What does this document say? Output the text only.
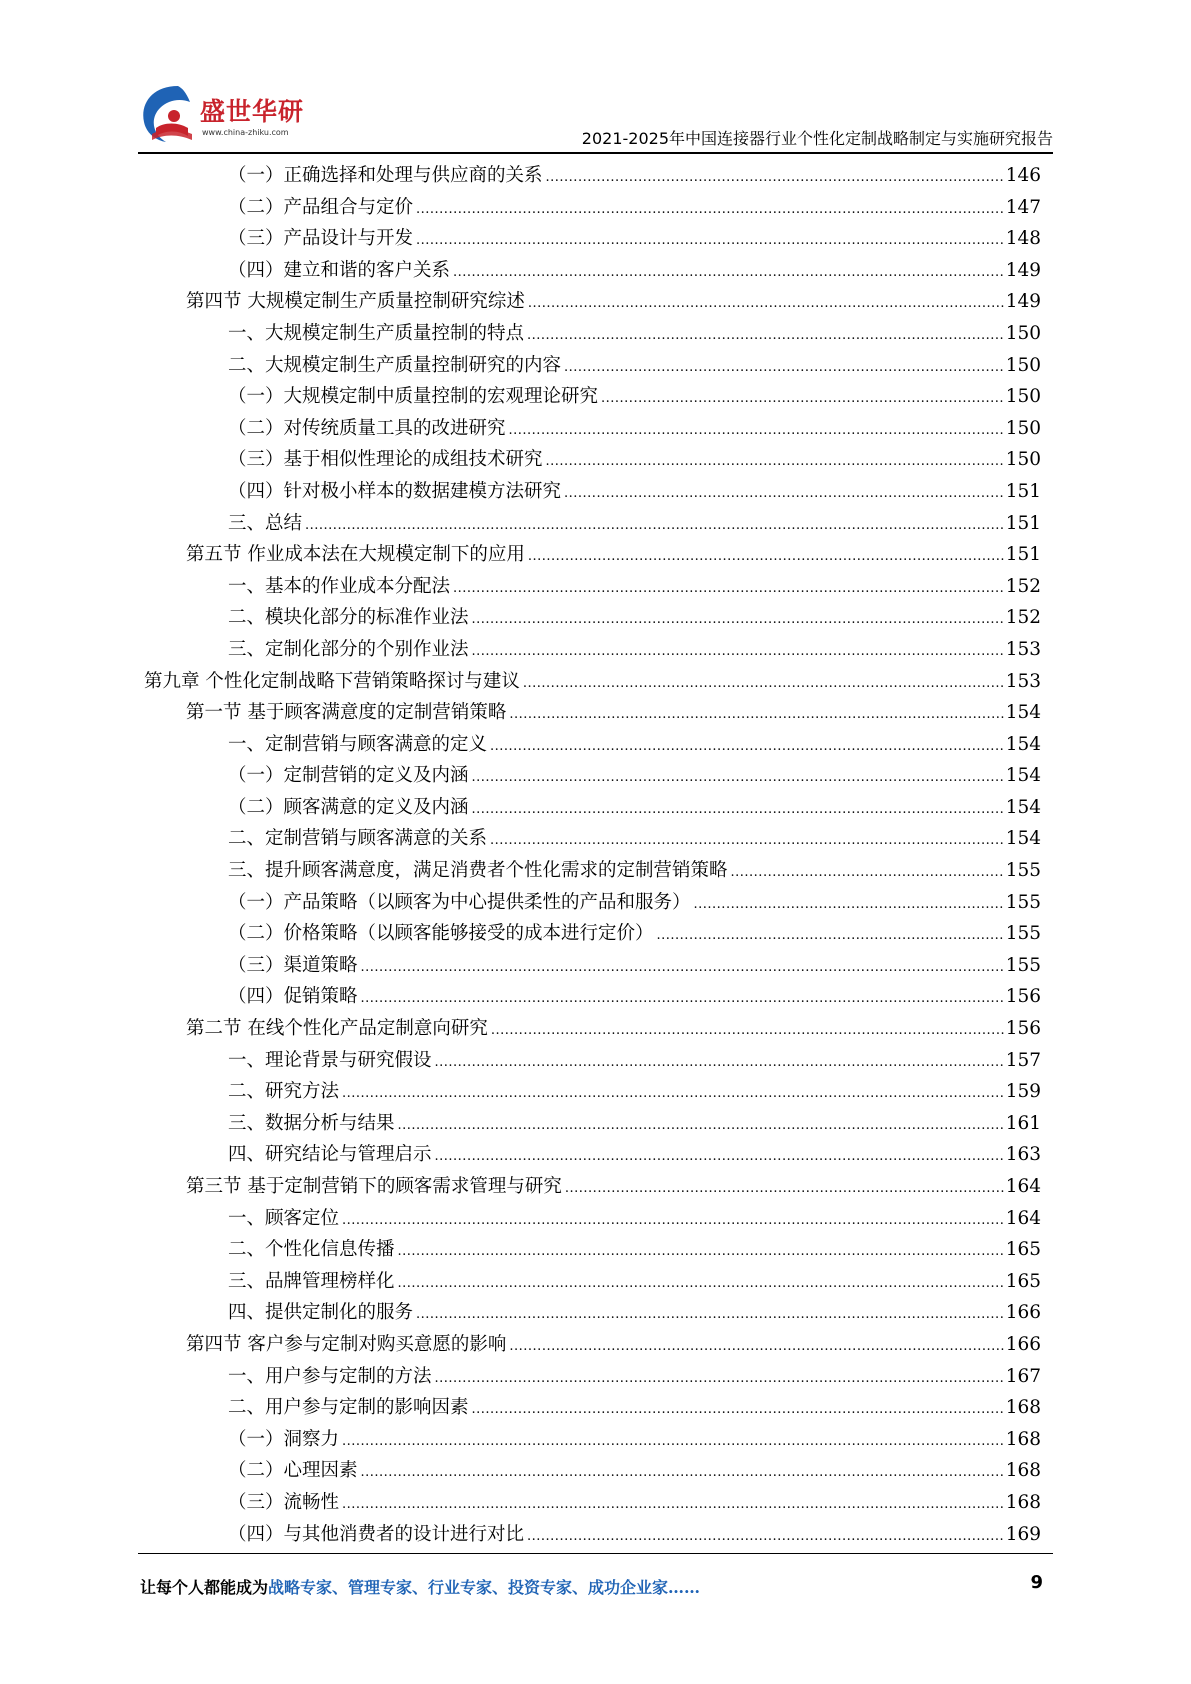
盛世华研
www.china-zhiku.com	2021-2025年中国连接器行业个性化定制战略制定与实施研究报告
（一）正确选择和处理与供应商的关系 .....	146
（二）产品组合与定价 .....	147
（三）产品设计与开发 .....	148
（四）建立和谐的客户关系 .....	149
第四节 大规模定制生产质量控制研究综述 .....	149
一、大规模定制生产质量控制的特点 .....	150
二、大规模定制生产质量控制研究的内容 .....	150
（一）大规模定制中质量控制的宏观理论研究 .....	150
（二）对传统质量工具的改进研究 .....	150
（三）基于相似性理论的成组技术研究 .....	150
（四）针对极小样本的数据建模方法研究 .....	151
三、总结 .....	151
第五节 作业成本法在大规模定制下的应用 .....	151
一、基本的作业成本分配法 .....	152
二、模块化部分的标准作业法 .....	152
三、定制化部分的个别作业法 .....	153
第九章 个性化定制战略下营销策略探讨与建议 .....	153
第一节 基于顾客满意度的定制营销策略 .....	154
一、定制营销与顾客满意的定义 .....	154
（一）定制营销的定义及内涵 .....	154
（二）顾客满意的定义及内涵 .....	154
二、定制营销与顾客满意的关系 .....	154
三、提升顾客满意度，满足消费者个性化需求的定制营销策略 .....	155
（一）产品策略（以顾客为中心提供柔性的产品和服务） .....	155
（二）价格策略（以顾客能够接受的成本进行定价） .....	155
（三）渠道策略 .....	155
（四）促销策略 .....	156
第二节 在线个性化产品定制意向研究 .....	156
一、理论背景与研究假设 .....	157
二、研究方法 .....	159
三、数据分析与结果 .....	161
四、研究结论与管理启示 .....	163
第三节 基于定制营销下的顾客需求管理与研究 .....	164
一、顾客定位 .....	164
二、个性化信息传播 .....	165
三、品牌管理榜样化 .....	165
四、提供定制化的服务 .....	166
第四节 客户参与定制对购买意愿的影响 .....	166
一、用户参与定制的方法 .....	167
二、用户参与定制的影响因素 .....	168
（一）洞察力 .....	168
（二）心理因素 .....	168
（三）流畅性 .....	168
（四）与其他消费者的设计进行对比 .....	169
让每个人都能成为战略专家、管理专家、行业专家、投资专家、成功企业家……	9
